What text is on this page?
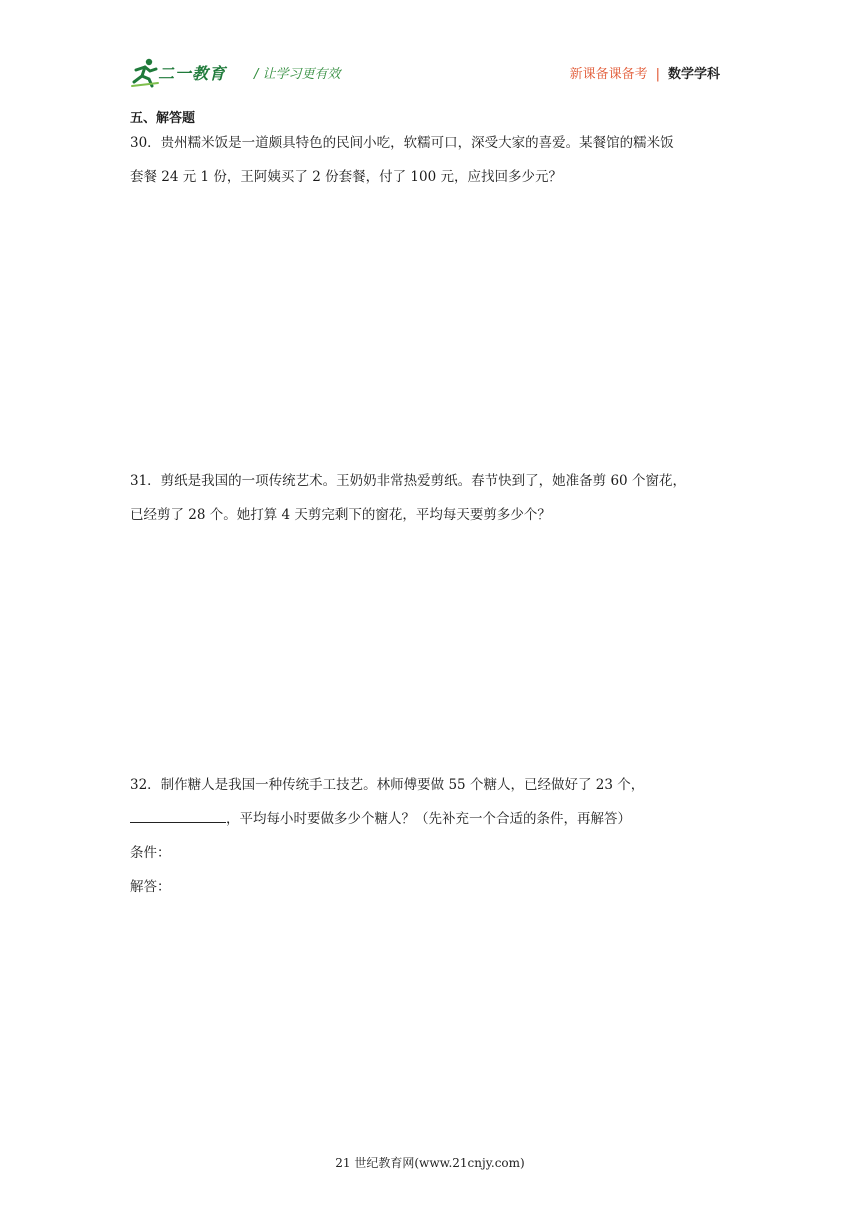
二一教育 / 让学习更有效	新课备课备考 | 数学学科
五、解答题

30．贵州糯米饭是一道颇具特色的民间小吃，软糯可口，深受大家的喜爱。某餐馆的糯米饭

套餐 24 元 1 份，王阿姨买了 2 份套餐，付了 100 元，应找回多少元？

31．剪纸是我国的一项传统艺术。王奶奶非常热爱剪纸。春节快到了，她准备剪 60 个窗花，

已经剪了 28 个。她打算 4 天剪完剩下的窗花，平均每天要剪多少个？

32．制作糖人是我国一种传统手工技艺。林师傅要做 55 个糖人，已经做好了 23 个，

，平均每小时要做多少个糖人？（先补充一个合适的条件，再解答）

条件：

解答：

21 世纪教育网(www.21cnjy.com)
